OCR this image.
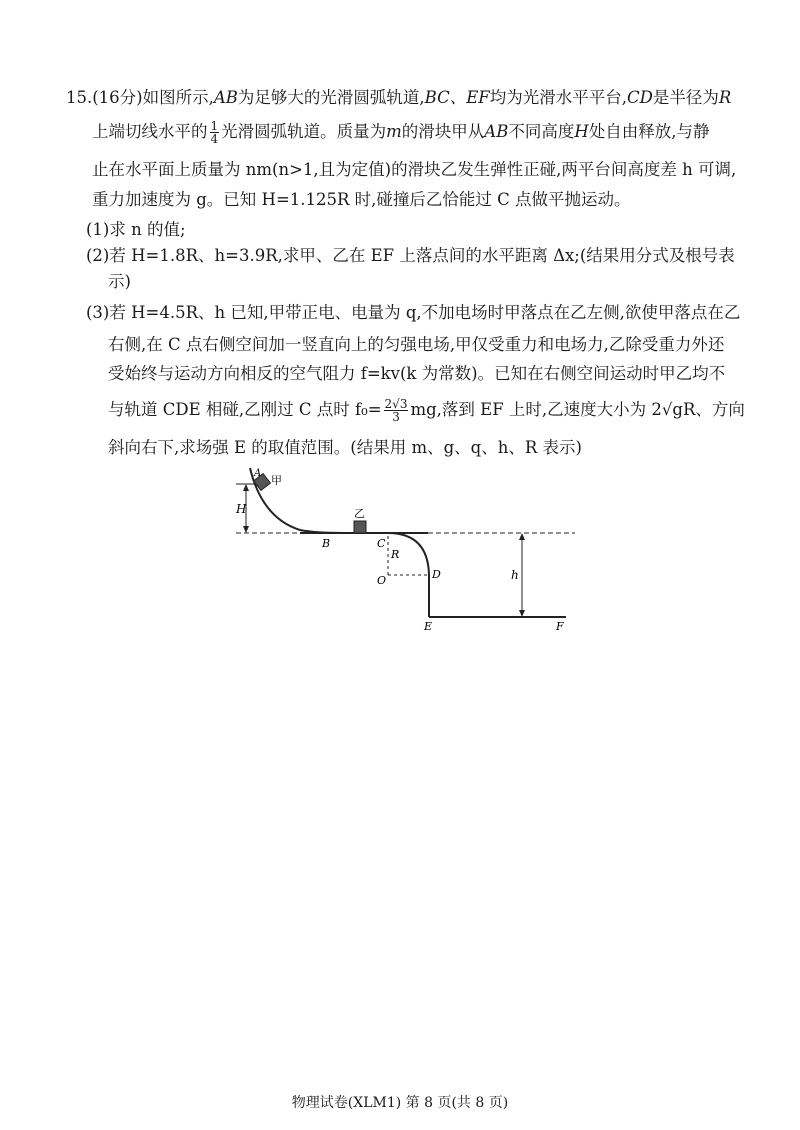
15.(16分)如图所示,AB为足够大的光滑圆弧轨道,BC、EF均为光滑水平平台,CD是半径为R
上端切线水平的 $\frac{1}{4}$ 光滑圆弧轨道。质量为m的滑块甲从AB不同高度H处自由释放,与静
止在水平面上质量为 nm(n>1,且为定值)的滑块乙发生弹性正碰,两平台间高度差 h 可调,
重力加速度为 g。已知 H=1.125R 时,碰撞后乙恰能过 C 点做平抛运动。
(1)求 n 的值;
(2)若 H=1.8R、h=3.9R,求甲、乙在 EF 上落点间的水平距离 Δx;(结果用分式及根号表
示)
(3)若 H=4.5R、h 已知,甲带正电、电量为 q,不加电场时甲落点在乙左侧,欲使甲落点在乙
右侧,在 C 点右侧空间加一竖直向上的匀强电场,甲仅受重力和电场力,乙除受重力外还
受始终与运动方向相反的空气阻力 f=kv(k 为常数)。已知在右侧空间运动时甲乙均不
与轨道 CDE 相碰,乙刚过 C 点时 $f_0= \frac{2√3}{3}$ mg,落到 EF 上时,乙速度大小为 2√gR、方向
斜向右下,求场强 E 的取值范围。(结果用 m、g、q、h、R 表示)
H
A
甲
B
乙
C
R
O	D
E	F
h
物理试卷(XLM1) 第 8 页(共 8 页)
